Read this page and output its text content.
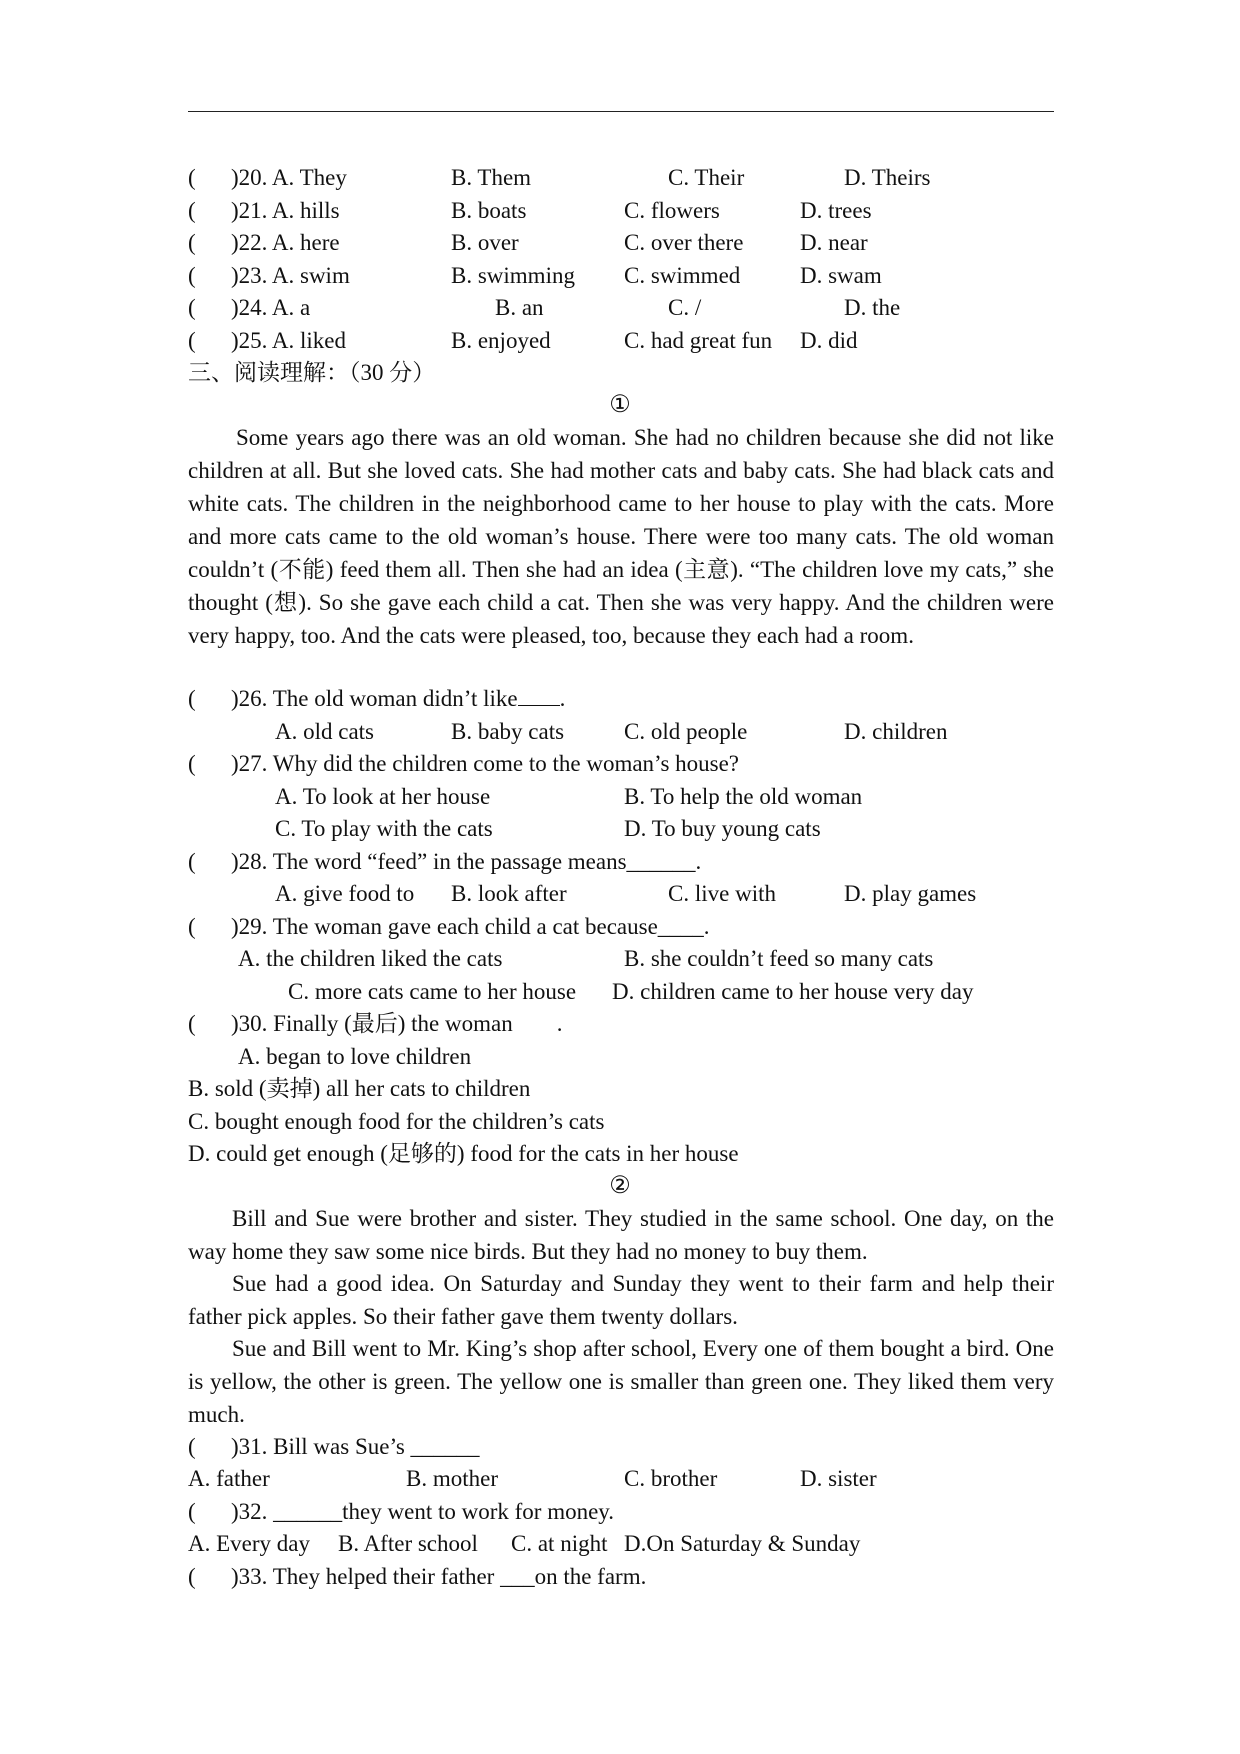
( )20. A. They	B. Them	C. Their	D. Theirs
( )21. A. hills	B. boats	C. flowers	D. trees
( )22. A. here	B. over	C. over there D. near
( )23. A. swim	B. swimming C. swimmed	D. swam
( )24. A. a	B. an	C. /	D. the
( )25. A. liked	B. enjoyed	C. had great fun D. did
三、阅读理解：（30 分）
①

Some years ago there was an old woman. She had no children because she did not like children at all. But she loved cats. She had mother cats and baby cats. She had black cats and white cats. The children in the neighborhood came to her house to play with the cats. More and more cats came to the old woman’s house. There were too many cats. The old woman couldn’t (不能) feed them all. Then she had an idea (主意). “The children love my cats,” she thought (想). So she gave each child a cat. Then she was very happy. And the children were very happy, too. And the cats were pleased, too, because they each had a room.

( )26. The old woman didn’t like .
A. old cats	B. baby cats	C. old people	D. children
( )27. Why did the children come to the woman’s house?
A. To look at her house	B. To help the old woman
C. To play with the cats	D. To buy young cats
( )28. The word “feed” in the passage means______.
A. give food to B. look after	C. live with	D. play games
( )29. The woman gave each child a cat because____.
A. the children liked the cats	B. she couldn’t feed so many cats
C. more cats came to her house D. children came to her house very day
( )30. Finally (最后) the woman .
A. began to love children
B. sold (卖掉) all her cats to children
C. bought enough food for the children’s cats
D. could get enough (足够的) food for the cats in her house
②

Bill and Sue were brother and sister. They studied in the same school. One day, on the way home they saw some nice birds. But they had no money to buy them.

Sue had a good idea. On Saturday and Sunday they went to their farm and help their father pick apples. So their father gave them twenty dollars.

Sue and Bill went to Mr. King’s shop after school, Every one of them bought a bird. One is yellow, the other is green. The yellow one is smaller than green one. They liked them very much.

( )31. Bill was Sue’s ______
A. father	B. mother	C. brother	D. sister
( )32. ______they went to work for money.
A. Every day B. After school C. at night D.On Saturday & Sunday
( )33. They helped their father ___on the farm.
